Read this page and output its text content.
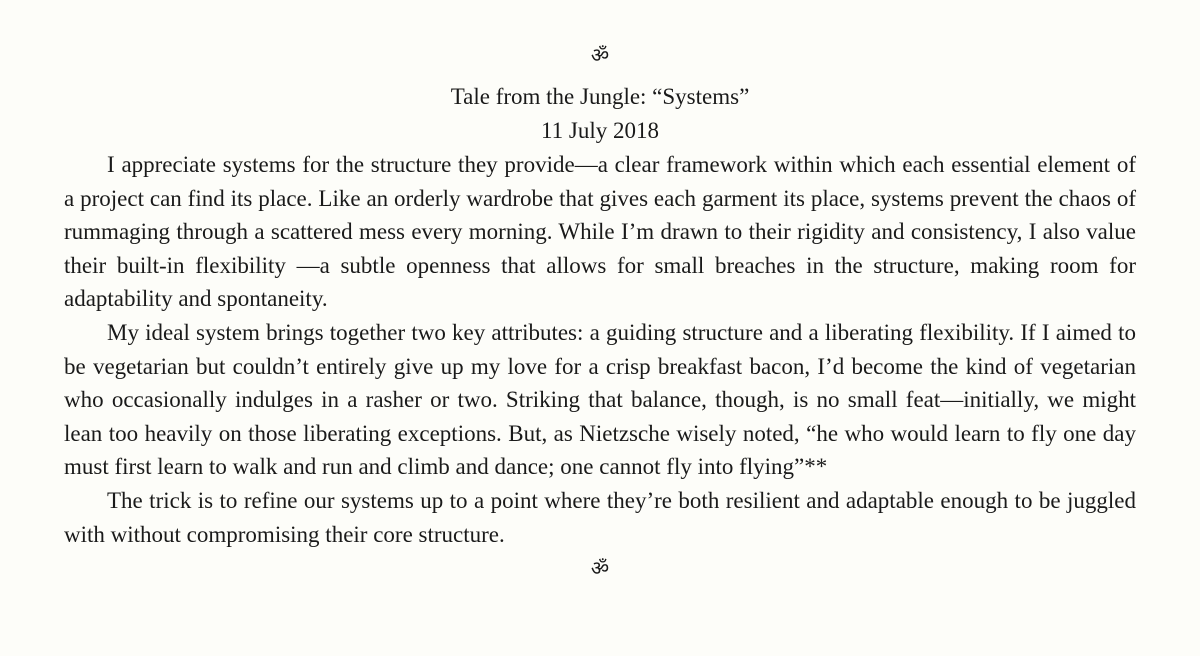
ॐ
Tale from the Jungle: “Systems”
11 July 2018

I appreciate systems for the structure they provide—a clear framework within which each essential element of a project can find its place. Like an orderly wardrobe that gives each garment its place, systems prevent the chaos of rummaging through a scattered mess every morning. While I’m drawn to their rigidity and consistency, I also value their built-in flexibility —a subtle openness that allows for small breaches in the structure, making room for adaptability and spontaneity.

My ideal system brings together two key attributes: a guiding structure and a liberating flexibility. If I aimed to be vegetarian but couldn’t entirely give up my love for a crisp breakfast bacon, I’d become the kind of vegetarian who occasionally indulges in a rasher or two. Striking that balance, though, is no small feat—initially, we might lean too heavily on those liberating exceptions. But, as Nietzsche wisely noted, “he who would learn to fly one day must first learn to walk and run and climb and dance; one cannot fly into flying”**

The trick is to refine our systems up to a point where they’re both resilient and adaptable enough to be juggled with without compromising their core structure.

ॐ
